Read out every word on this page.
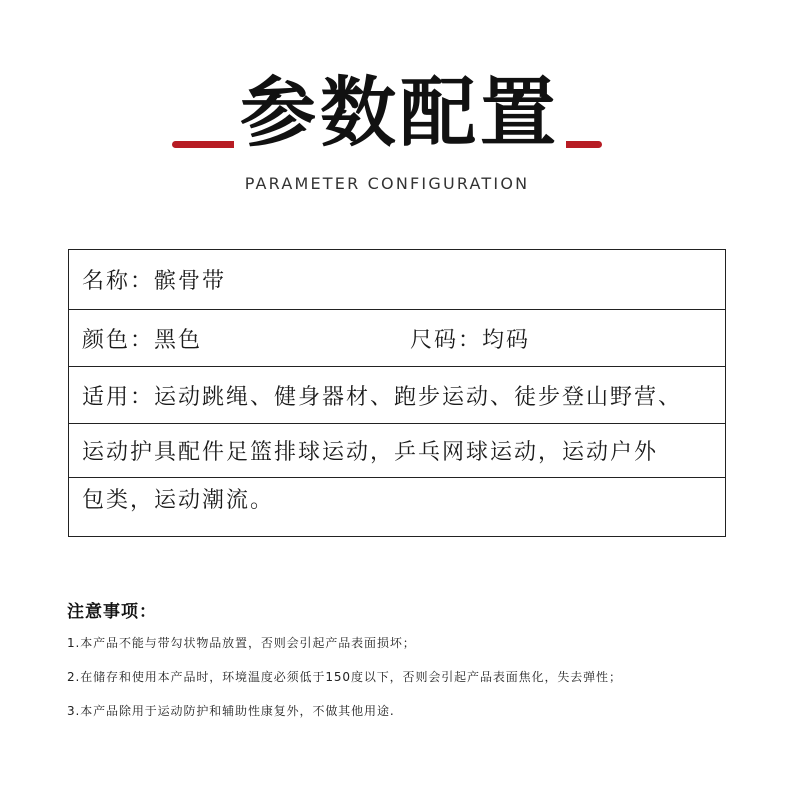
参数配置
PARAMETER CONFIGURATION
名称：髌骨带
颜色：黑色	尺码：均码
适用：运动跳绳、健身器材、跑步运动、徒步登山野营、
运动护具配件足篮排球运动，乒乓网球运动，运动户外
包类，运动潮流。
注意事项：
1.本产品不能与带勾状物品放置，否则会引起产品表面损坏；
2.在储存和使用本产品时，环境温度必须低于150度以下，否则会引起产品表面焦化，失去弹性；
3.本产品除用于运动防护和辅助性康复外，不做其他用途.
